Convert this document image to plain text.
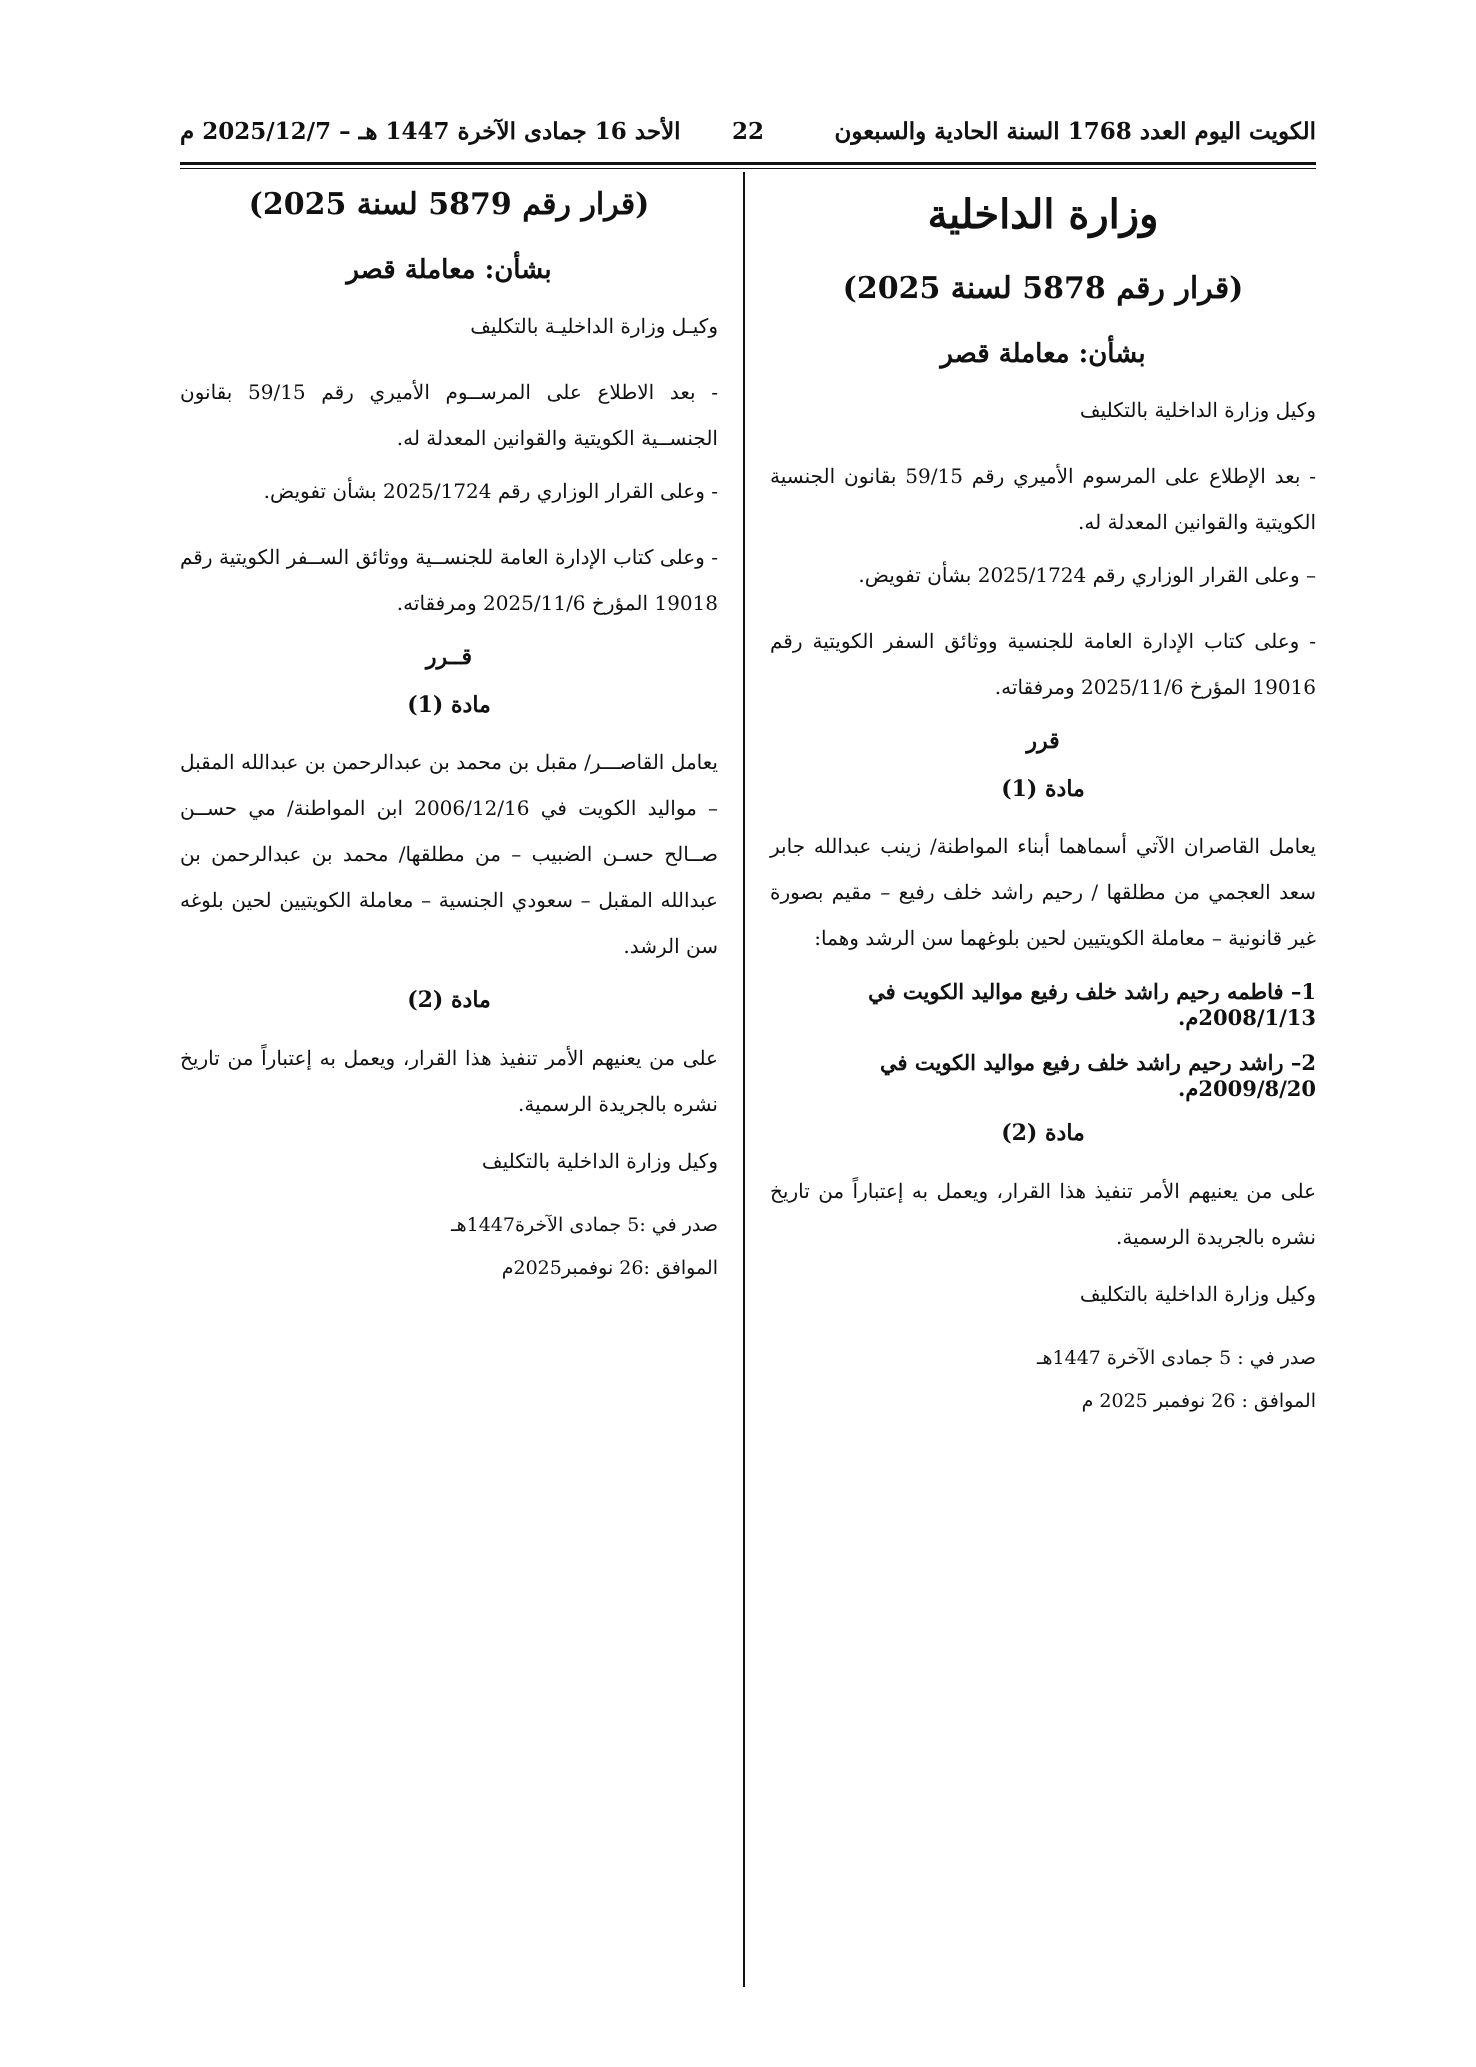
الكويت اليوم العدد 1768 السنة الحادية والسبعون
22
الأحد 16 جمادى الآخرة 1447 هـ – 2025/12/7 م
وزارة الداخلية
(قرار رقم 5878 لسنة 2025)
بشأن: معاملة قصر
وكيل وزارة الداخلية بالتكليف
- بعد الإطلاع على المرسوم الأميري رقم 59/15 بقانون الجنسية الكويتية والقوانين المعدلة له.
– وعلى القرار الوزاري رقم 2025/1724 بشأن تفويض.
- وعلى كتاب الإدارة العامة للجنسية ووثائق السفر الكويتية رقم 19016 المؤرخ 2025/11/6 ومرفقاته.
قرر
مادة (1)
يعامل القاصران الآتي أسماهما أبناء المواطنة/ زينب عبدالله جابر سعد العجمي من مطلقها / رحيم راشد خلف رفيع – مقيم بصورة غير قانونية – معاملة الكويتيين لحين بلوغهما سن الرشد وهما:
1– فاطمه رحيم راشد خلف رفيع مواليد الكويت في 2008/1/13م.
2– راشد رحيم راشد خلف رفيع مواليد الكويت في 2009/8/20م.
مادة (2)
على من يعنيهم الأمر تنفيذ هذا القرار، ويعمل به إعتباراً من تاريخ نشره بالجريدة الرسمية.
وكيل وزارة الداخلية بالتكليف
صدر في : 5 جمادى الآخرة 1447هـ
الموافق : 26 نوفمبر 2025 م
(قرار رقم 5879 لسنة 2025)
بشأن: معاملة قصر
وكيـل وزارة الداخليـة بالتكليف
- بعد الاطلاع على المرســوم الأميري رقم 59/15 بقانون الجنســية الكويتية والقوانين المعدلة له.
- وعلى القرار الوزاري رقم 2025/1724 بشأن تفويض.
- وعلى كتاب الإدارة العامة للجنســية ووثائق الســفر الكويتية رقم 19018 المؤرخ 2025/11/6 ومرفقاته.
قــرر
مادة (1)
يعامل القاصـــر/ مقبل بن محمد بن عبدالرحمن بن عبدالله المقبل – مواليد الكويت في 2006/12/16 ابن المواطنة/ مي حســن صــالح حسـن الضبيب – من مطلقها/ محمد بن عبدالرحمن بن عبدالله المقبل – سعودي الجنسية – معاملة الكويتيين لحين بلوغه سن الرشد.
مادة (2)
على من يعنيهم الأمر تنفيذ هذا القرار، ويعمل به إعتباراً من تاريخ نشره بالجريدة الرسمية.
وكيل وزارة الداخلية بالتكليف
صدر في :5 جمادى الآخرة1447هـ
الموافق :26 نوفمبر2025م
